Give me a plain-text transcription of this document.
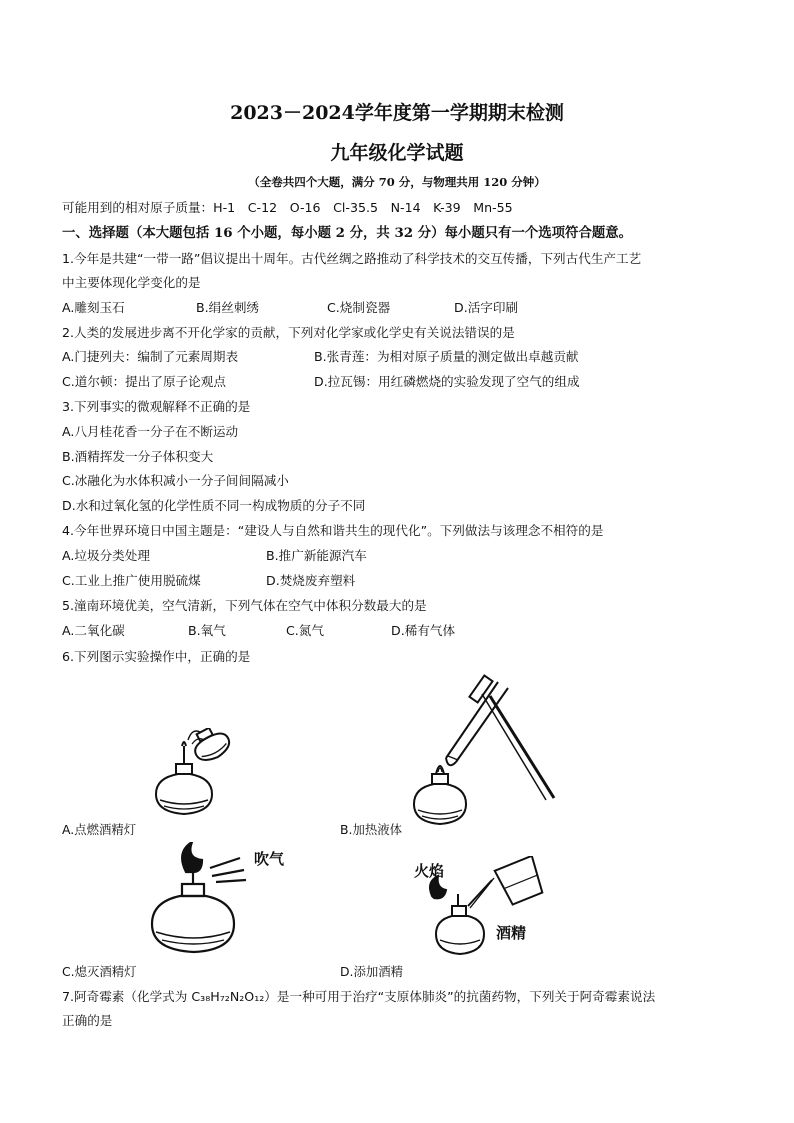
2023－2024学年度第一学期期末检测
九年级化学试题
（全卷共四个大题，满分 70 分，与物理共用 120 分钟）
可能用到的相对原子质量：H-1　C-12　O-16　Cl-35.5　N-14　K-39　Mn-55
一、选择题（本大题包括 16 个小题，每小题 2 分，共 32 分）每小题只有一个选项符合题意。
1.今年是共建“一带一路”倡议提出十周年。古代丝绸之路推动了科学技术的交互传播，下列古代生产工艺
中主要体现化学变化的是
A.雕刻玉石	B.绢丝刺绣	C.烧制瓷器	D.活字印刷
2.人类的发展进步离不开化学家的贡献，下列对化学家或化学史有关说法错误的是
A.门捷列夫：编制了元素周期表	B.张青莲：为相对原子质量的测定做出卓越贡献
C.道尔顿：提出了原子论观点	D.拉瓦锡：用红磷燃烧的实验发现了空气的组成
3.下列事实的微观解释不正确的是
A.八月桂花香一分子在不断运动
B.酒精挥发一分子体积变大
C.冰融化为水体积减小一分子间间隔减小
D.水和过氧化氢的化学性质不同一构成物质的分子不同
4.今年世界环境日中国主题是：“建设人与自然和谐共生的现代化”。下列做法与该理念不相符的是
A.垃圾分类处理	B.推广新能源汽车
C.工业上推广使用脱硫煤	D.焚烧废弃塑料
5.潼南环境优美，空气清新，下列气体在空气中体积分数最大的是
A.二氧化碳	B.氧气	C.氮气	D.稀有气体
6.下列图示实验操作中，正确的是
A.点燃酒精灯	B.加热液体
吹气
C.熄灭酒精灯
火焰
酒精
D.添加酒精
7.阿奇霉素（化学式为 C₃₈H₇₂N₂O₁₂）是一种可用于治疗“支原体肺炎”的抗菌药物，下列关于阿奇霉素说法
正确的是
